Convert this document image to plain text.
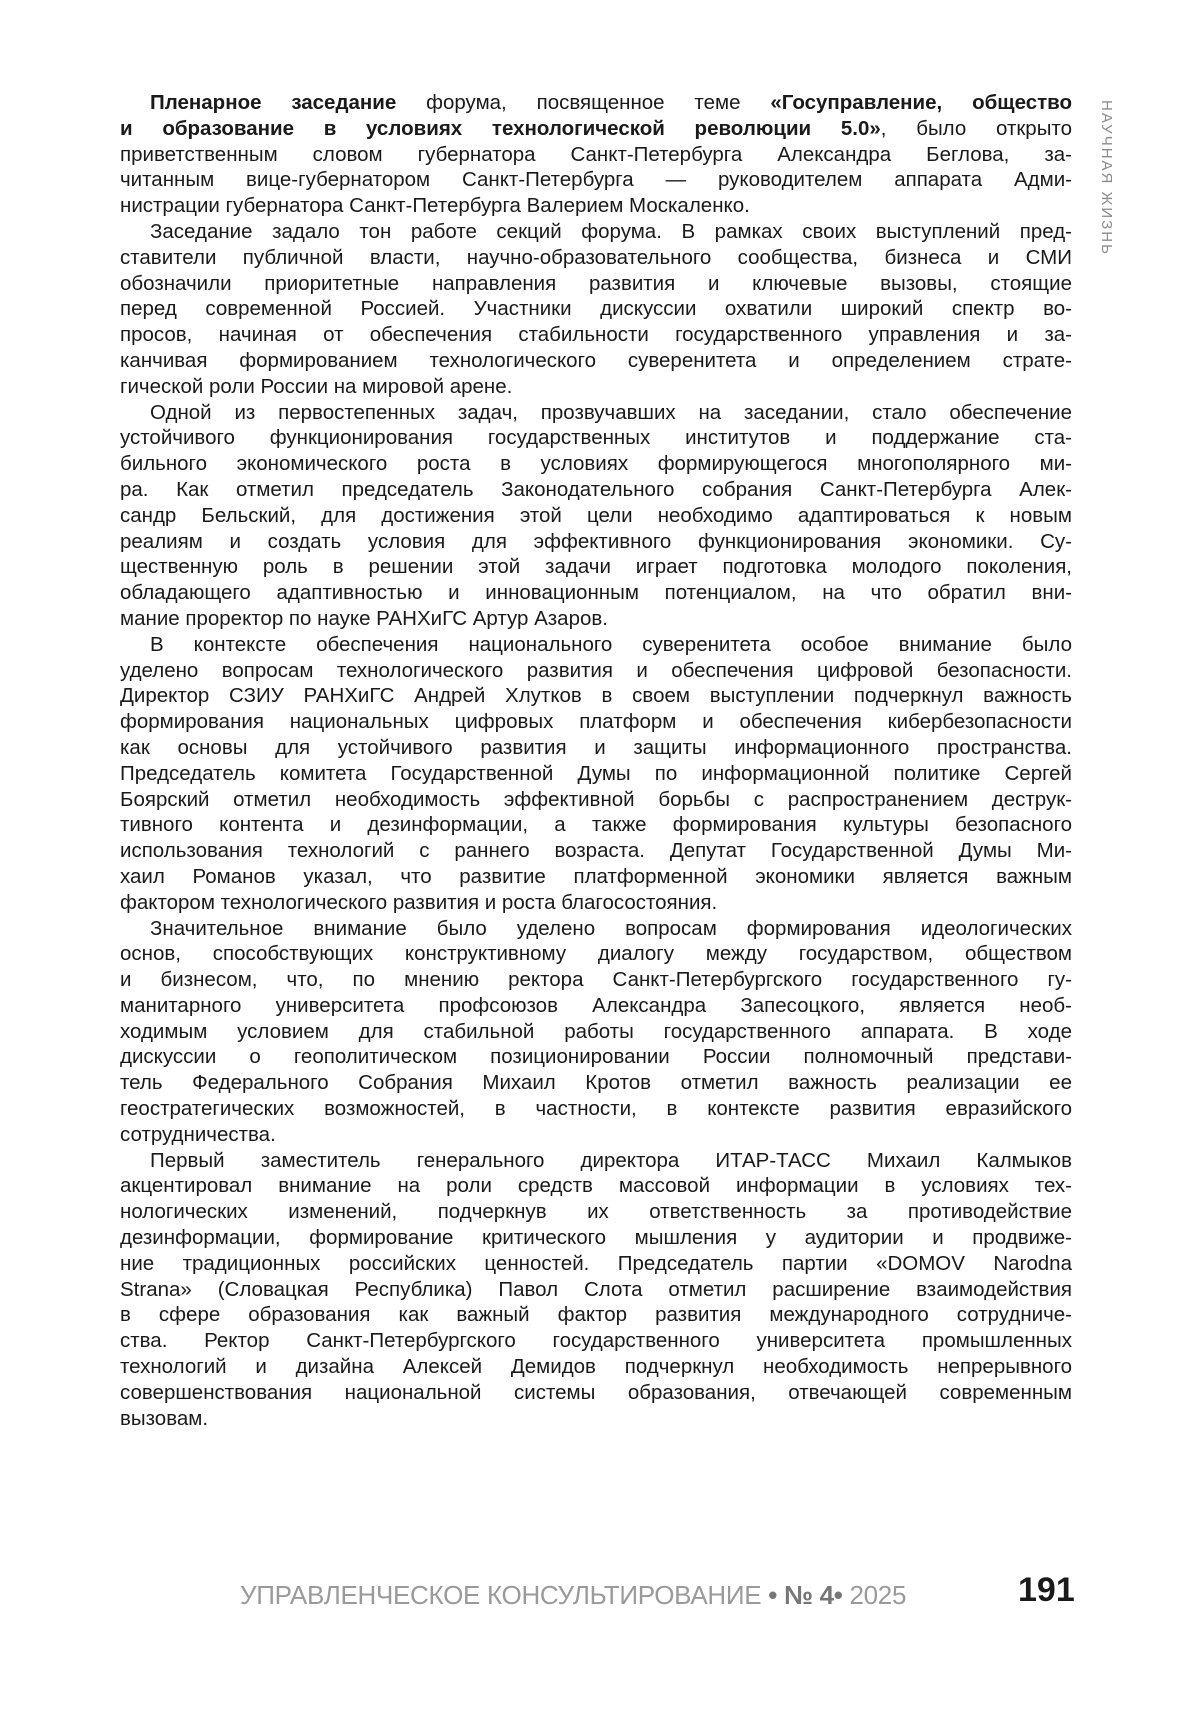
НАУЧНАЯ ЖИЗНЬ
Пленарное заседание форума, посвященное теме «Госуправление, общество
и образование в условиях технологической революции 5.0», было открыто
приветственным словом губернатора Санкт-Петербурга Александра Беглова, за-
читанным вице-губернатором Санкт-Петербурга — руководителем аппарата Адми-
нистрации губернатора Санкт-Петербурга Валерием Москаленко.
Заседание задало тон работе секций форума. В рамках своих выступлений пред-
ставители публичной власти, научно-образовательного сообщества, бизнеса и СМИ
обозначили приоритетные направления развития и ключевые вызовы, стоящие
перед современной Россией. Участники дискуссии охватили широкий спектр во-
просов, начиная от обеспечения стабильности государственного управления и за-
канчивая формированием технологического суверенитета и определением страте-
гической роли России на мировой арене.
Одной из первостепенных задач, прозвучавших на заседании, стало обеспечение
устойчивого функционирования государственных институтов и поддержание ста-
бильного экономического роста в условиях формирующегося многополярного ми-
ра. Как отметил председатель Законодательного собрания Санкт-Петербурга Алек-
сандр Бельский, для достижения этой цели необходимо адаптироваться к новым
реалиям и создать условия для эффективного функционирования экономики. Су-
щественную роль в решении этой задачи играет подготовка молодого поколения,
обладающего адаптивностью и инновационным потенциалом, на что обратил вни-
мание проректор по науке РАНХиГС Артур Азаров.
В контексте обеспечения национального суверенитета особое внимание было
уделено вопросам технологического развития и обеспечения цифровой безопасности.
Директор СЗИУ РАНХиГС Андрей Хлутков в своем выступлении подчеркнул важность
формирования национальных цифровых платформ и обеспечения кибербезопасности
как основы для устойчивого развития и защиты информационного пространства.
Председатель комитета Государственной Думы по информационной политике Сергей
Боярский отметил необходимость эффективной борьбы с распространением деструк-
тивного контента и дезинформации, а также формирования культуры безопасного
использования технологий с раннего возраста. Депутат Государственной Думы Ми-
хаил Романов указал, что развитие платформенной экономики является важным
фактором технологического развития и роста благосостояния.
Значительное внимание было уделено вопросам формирования идеологических
основ, способствующих конструктивному диалогу между государством, обществом
и бизнесом, что, по мнению ректора Санкт-Петербургского государственного гу-
манитарного университета профсоюзов Александра Запесоцкого, является необ-
ходимым условием для стабильной работы государственного аппарата. В ходе
дискуссии о геополитическом позиционировании России полномочный представи-
тель Федерального Собрания Михаил Кротов отметил важность реализации ее
геостратегических возможностей, в частности, в контексте развития евразийского
сотрудничества.
Первый заместитель генерального директора ИТАР-ТАСС Михаил Калмыков
акцентировал внимание на роли средств массовой информации в условиях тех-
нологических изменений, подчеркнув их ответственность за противодействие
дезинформации, формирование критического мышления у аудитории и продвиже-
ние традиционных российских ценностей. Председатель партии «DOMOV Narodna
Strana» (Словацкая Республика) Павол Слота отметил расширение взаимодействия
в сфере образования как важный фактор развития международного сотрудниче-
ства. Ректор Санкт-Петербургского государственного университета промышленных
технологий и дизайна Алексей Демидов подчеркнул необходимость непрерывного
совершенствования национальной системы образования, отвечающей современным
вызовам.
УПРАВЛЕНЧЕСКОЕ КОНСУЛЬТИРОВАНИЕ • № 4• 2025	191
